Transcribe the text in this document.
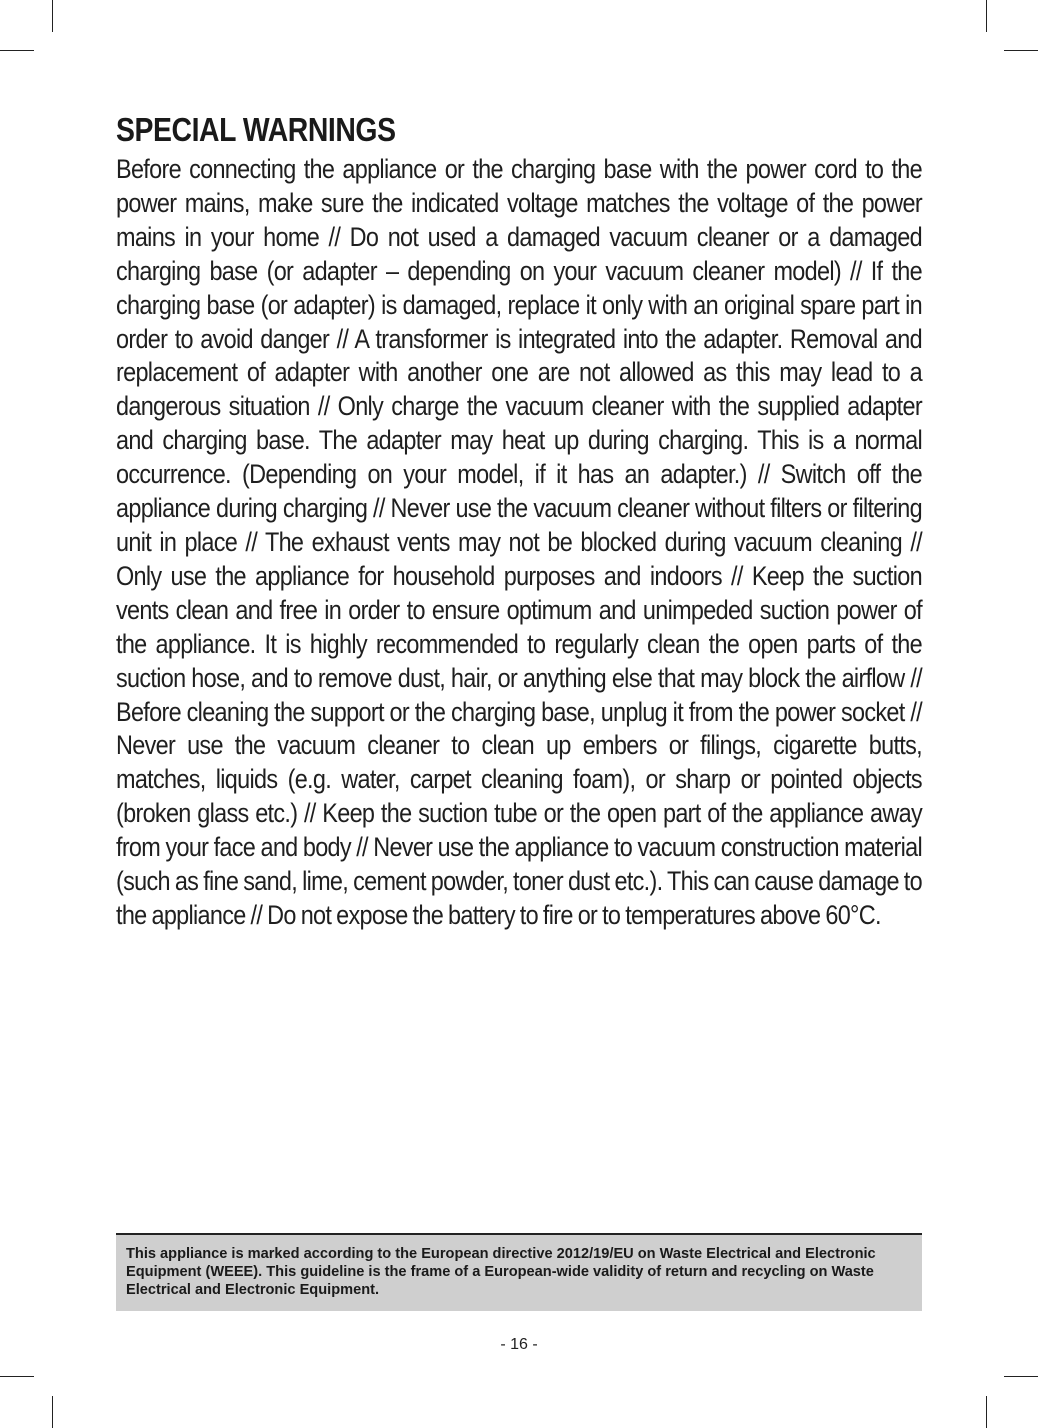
SPECIAL WARNINGS

Before connecting the appliance or the charging base with the power cord to the power mains, make sure the indicated voltage matches the voltage of the power mains in your home // Do not used a damaged vacuum cleaner or a damaged charging base (or adapter – depending on your vacuum cleaner model) // If the charging base (or adapter) is damaged, replace it only with an original spare part in order to avoid danger // A transformer is integrated into the adapter. Removal and replacement of adapter with another one are not allowed as this may lead to a dangerous situation // Only charge the vacuum cleaner with the supplied adapter and charging base. The adapter may heat up during charging. This is a normal occurrence. (Depending on your model, if it has an adapter.) // Switch off the appliance during charging // Never use the vacuum cleaner without filters or filtering unit in place // The exhaust vents may not be blocked during vacuum cleaning // Only use the appliance for household purposes and indoors // Keep the suction vents clean and free in order to ensure optimum and unimpeded suction power of the appliance. It is highly recommended to regularly clean the open parts of the suction hose, and to remove dust, hair, or anything else that may block the airflow // Before cleaning the support or the charging base, unplug it from the power socket // Never use the vacuum cleaner to clean up embers or filings, cigarette butts, matches, liquids (e.g. water, carpet cleaning foam), or sharp or pointed objects (broken glass etc.) // Keep the suction tube or the open part of the appliance away from your face and body // Never use the appliance to vacuum construction material (such as fine sand, lime, cement powder, toner dust etc.). This can cause damage to the appliance // Do not expose the battery to fire or to temperatures above 60°C.

This appliance is marked according to the European directive 2012/19/EU on Waste Electrical and Electronic Equipment (WEEE). This guideline is the frame of a European-wide validity of return and recycling on Waste Electrical and Electronic Equipment.

- 16 -
